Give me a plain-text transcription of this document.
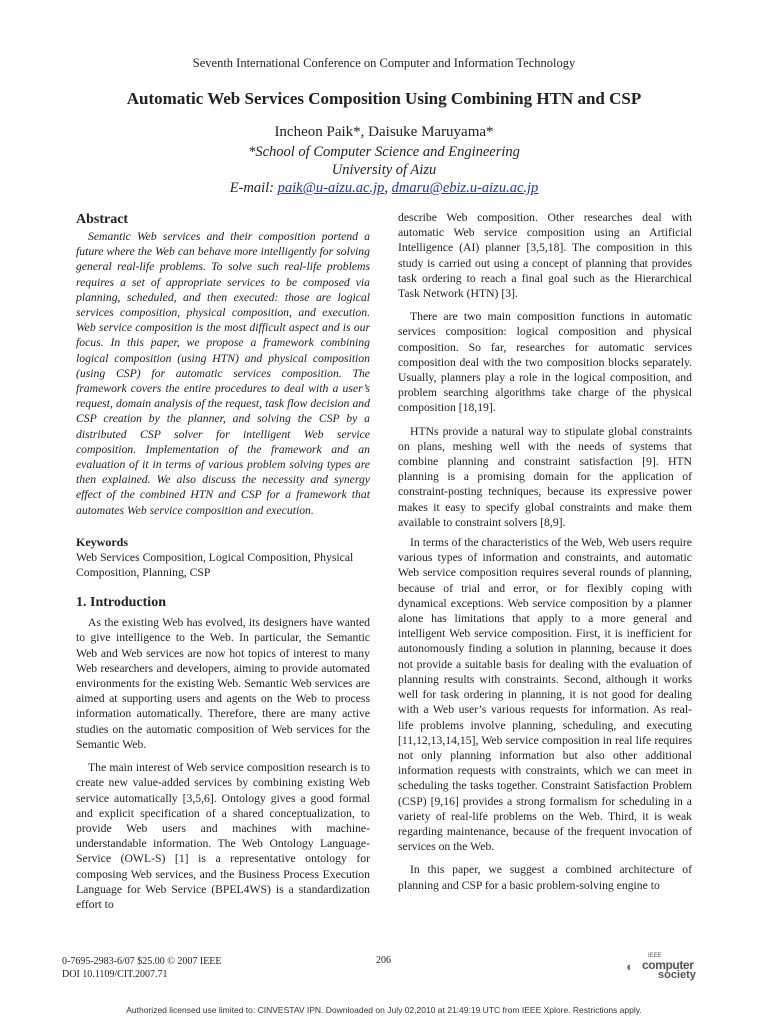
Seventh International Conference on Computer and Information Technology
Automatic Web Services Composition Using Combining HTN and CSP
Incheon Paik*, Daisuke Maruyama*
*School of Computer Science and Engineering
University of Aizu
E-mail: paik@u-aizu.ac.jp, dmaru@ebiz.u-aizu.ac.jp
Abstract

Semantic Web services and their composition portend a future where the Web can behave more intelligently for solving general real-life problems. To solve such real-life problems requires a set of appropriate services to be composed via planning, scheduled, and then executed: those are logical services composition, physical composition, and execution. Web service composition is the most difficult aspect and is our focus. In this paper, we propose a framework combining logical composition (using HTN) and physical composition (using CSP) for automatic services composition. The framework covers the entire procedures to deal with a user’s request, domain analysis of the request, task flow decision and CSP creation by the planner, and solving the CSP by a distributed CSP solver for intelligent Web service composition. Implementation of the framework and an evaluation of it in terms of various problem solving types are then explained. We also discuss the necessity and synergy effect of the combined HTN and CSP for a framework that automates Web service composition and execution.

Keywords

Web Services Composition, Logical Composition, Physical Composition, Planning, CSP

1. Introduction

As the existing Web has evolved, its designers have wanted to give intelligence to the Web. In particular, the Semantic Web and Web services are now hot topics of interest to many Web researchers and developers, aiming to provide automated environments for the existing Web. Semantic Web services are aimed at supporting users and agents on the Web to process information automatically. Therefore, there are many active studies on the automatic composition of Web services for the Semantic Web.

The main interest of Web service composition research is to create new value-added services by combining existing Web service automatically [3,5,6]. Ontology gives a good formal and explicit specification of a shared conceptualization, to provide Web users and machines with machine-understandable information. The Web Ontology Language-Service (OWL-S) [1] is a representative ontology for composing Web services, and the Business Process Execution Language for Web Service (BPEL4WS) is a standardization effort to

describe Web composition. Other researches deal with automatic Web service composition using an Artificial Intelligence (AI) planner [3,5,18]. The composition in this study is carried out using a concept of planning that provides task ordering to reach a final goal such as the Hierarchical Task Network (HTN) [3].

There are two main composition functions in automatic services composition: logical composition and physical composition. So far, researches for automatic services composition deal with the two composition blocks separately. Usually, planners play a role in the logical composition, and problem searching algorithms take charge of the physical composition [18,19].

HTNs provide a natural way to stipulate global constraints on plans, meshing well with the needs of systems that combine planning and constraint satisfaction [9]. HTN planning is a promising domain for the application of constraint-posting techniques, because its expressive power makes it easy to specify global constraints and make them available to constraint solvers [8,9].

In terms of the characteristics of the Web, Web users require various types of information and constraints, and automatic Web service composition requires several rounds of planning, because of trial and error, or for flexibly coping with dynamical exceptions. Web service composition by a planner alone has limitations that apply to a more general and intelligent Web service composition. First, it is inefficient for autonomously finding a solution in planning, because it does not provide a suitable basis for dealing with the evaluation of planning results with constraints. Second, although it works well for task ordering in planning, it is not good for dealing with a Web user’s various requests for information. As real-life problems involve planning, scheduling, and executing [11,12,13,14,15], Web service composition in real life requires not only planning information but also other additional information requests with constraints, which we can meet in scheduling the tasks together. Constraint Satisfaction Problem (CSP) [9,16] provides a strong formalism for scheduling in a variety of real-life problems on the Web. Third, it is weak regarding maintenance, because of the frequent invocation of services on the Web.

In this paper, we suggest a combined architecture of planning and CSP for a basic problem-solving engine to

0-7695-2983-6/07 $25.00 © 2007 IEEE
DOI 10.1109/CIT.2007.71
206	◐
IEEE
computer
society
Authorized licensed use limited to: CINVESTAV IPN. Downloaded on July 02,2010 at 21:49:19 UTC from IEEE Xplore. Restrictions apply.
